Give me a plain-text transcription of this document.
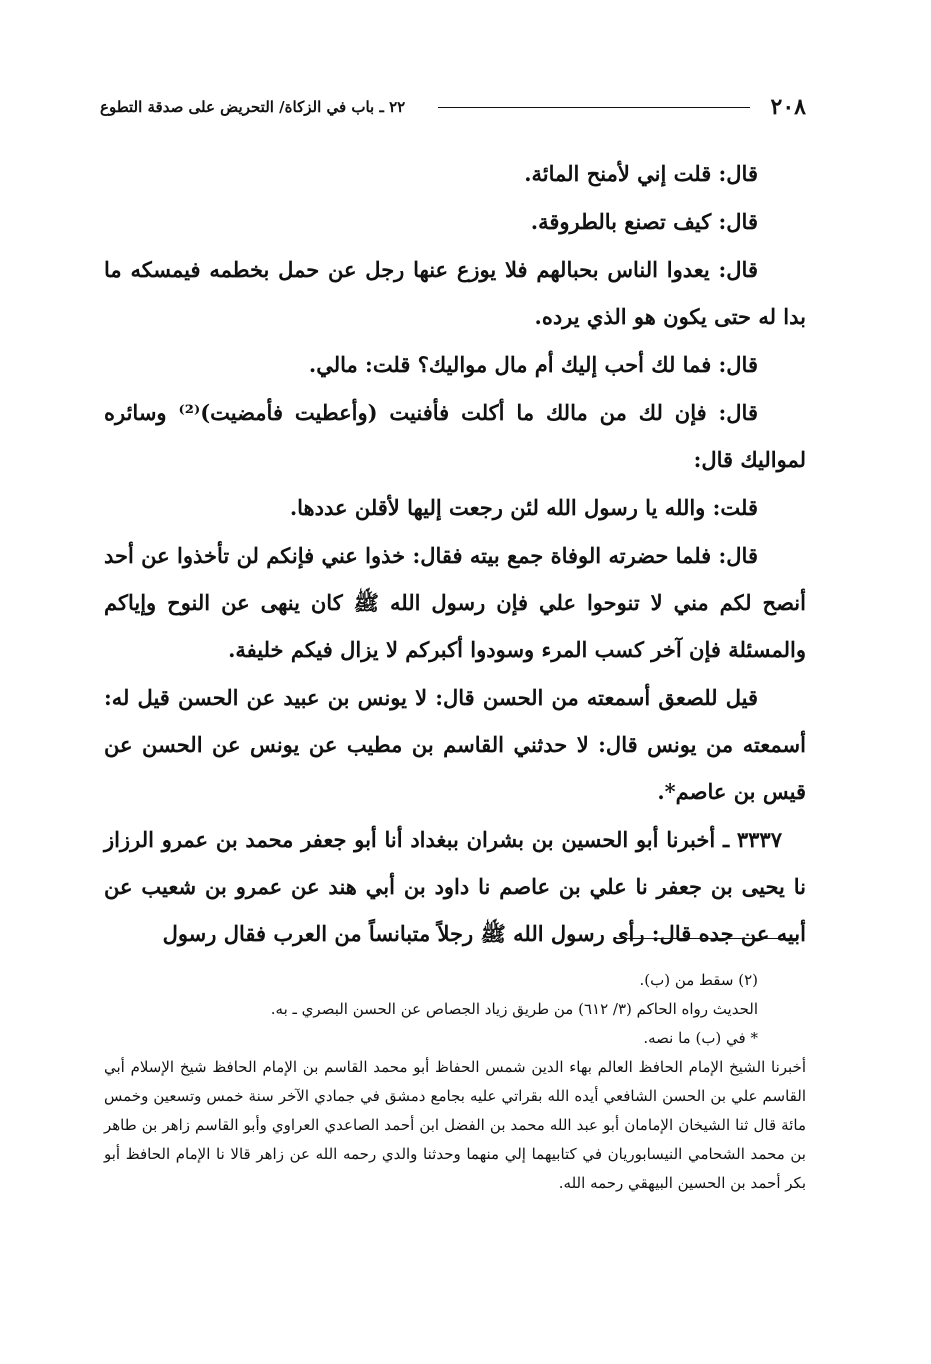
٢٠٨
٢٢ ـ باب في الزكاة/ التحريض على صدقة التطوع

قال: قلت إني لأمنح المائة.

قال: كيف تصنع بالطروقة.

قال: يعدوا الناس بحبالهم فلا يوزع عنها رجل عن حمل بخطمه فيمسكه ما بدا له حتى يكون هو الذي يرده.

قال: فما لك أحب إليك أم مال مواليك؟ قلت: مالي.

قال: فإن لك من مالك ما أكلت فأفنيت (وأعطيت فأمضيت)⁽²⁾ وسائره لمواليك قال:

قلت: والله يا رسول الله لئن رجعت إليها لأقلن عددها.

قال: فلما حضرته الوفاة جمع بيته فقال: خذوا عني فإنكم لن تأخذوا عن أحد أنصح لكم مني لا تنوحوا علي فإن رسول الله ﷺ كان ينهى عن النوح وإياكم والمسئلة فإن آخر كسب المرء وسودوا أكبركم لا يزال فيكم خليفة.

قيل للصعق أسمعته من الحسن قال: لا يونس بن عبيد عن الحسن قيل له: أسمعته من يونس قال: لا حدثني القاسم بن مطيب عن يونس عن الحسن عن قيس بن عاصم*.

٣٣٣٧ ـ أخبرنا أبو الحسين بن بشران ببغداد أنا أبو جعفر محمد بن عمرو الرزاز نا يحيى بن جعفر نا علي بن عاصم نا داود بن أبي هند عن عمرو بن شعيب عن أبيه عن جده قال: رأى رسول الله ﷺ رجلاً متبانساً من العرب فقال رسول

(٢) سقط من (ب).

الحديث رواه الحاكم (٣/ ٦١٢) من طريق زياد الجصاص عن الحسن البصري ـ به.

* في (ب) ما نصه.

أخبرنا الشيخ الإمام الحافظ العالم بهاء الدين شمس الحفاظ أبو محمد القاسم بن الإمام الحافظ شيخ الإسلام أبي القاسم علي بن الحسن الشافعي أيده الله بقراتي عليه بجامع دمشق في جمادي الآخر سنة خمس وتسعين وخمس مائة قال ثنا الشيخان الإمامان أبو عبد الله محمد بن الفضل ابن أحمد الصاعدي العراوي وأبو القاسم زاهر بن طاهر بن محمد الشحامي النيسابوريان في كتابيهما إلي منهما وحدثنا والدي رحمه الله عن زاهر قالا نا الإمام الحافظ أبو بكر أحمد بن الحسين البيهقي رحمه الله.
